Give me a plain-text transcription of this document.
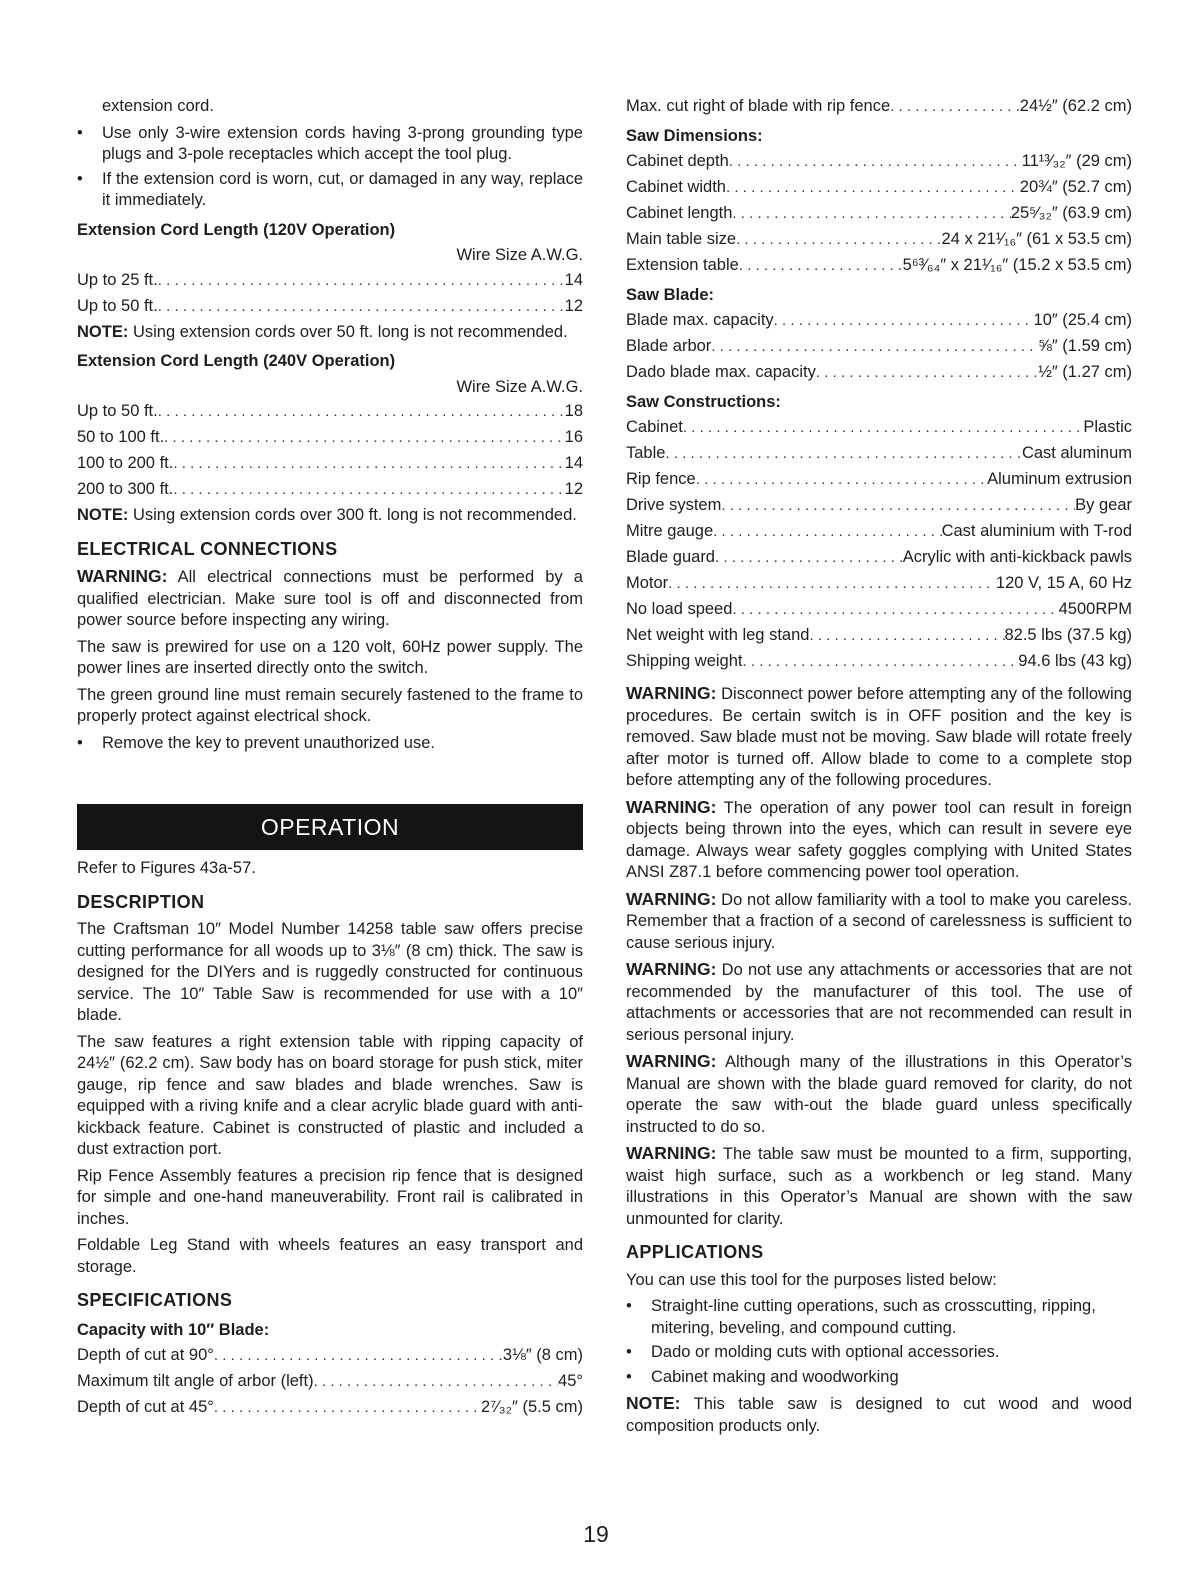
extension cord.

• Use only 3-wire extension cords having 3-prong grounding type plugs and 3-pole receptacles which accept the tool plug.
• If the extension cord is worn, cut, or damaged in any way, replace it immediately.
Extension Cord Length (120V Operation)
Wire Size A.W.G.
Up to 25 ft. .....	14
Up to 50 ft. .....	12

NOTE: Using extension cords over 50 ft. long is not recommended.

Extension Cord Length (240V Operation)
Wire Size A.W.G.
Up to 50 ft. .....	18
50 to 100 ft. .....	16
100 to 200 ft. .....	14
200 to 300 ft. .....	12

NOTE: Using extension cords over 300 ft. long is not recommended.

ELECTRICAL CONNECTIONS

WARNING: All electrical connections must be performed by a qualified electrician. Make sure tool is off and disconnected from power source before inspecting any wiring.

The saw is prewired for use on a 120 volt, 60Hz power supply. The power lines are inserted directly onto the switch.

The green ground line must remain securely fastened to the frame to properly protect against electrical shock.

• Remove the key to prevent unauthorized use.
OPERATION

Refer to Figures 43a-57.

DESCRIPTION

The Craftsman 10″ Model Number 14258 table saw offers precise cutting performance for all woods up to 3⅛″ (8 cm) thick. The saw is designed for the DIYers and is ruggedly constructed for continuous service. The 10″ Table Saw is recommended for use with a 10″ blade.

The saw features a right extension table with ripping capacity of 24½″ (62.2 cm). Saw body has on board storage for push stick, miter gauge, rip fence and saw blades and blade wrenches. Saw is equipped with a riving knife and a clear acrylic blade guard with anti-kickback feature. Cabinet is constructed of plastic and included a dust extraction port.

Rip Fence Assembly features a precision rip fence that is designed for simple and one-hand maneuverability. Front rail is calibrated in inches.

Foldable Leg Stand with wheels features an easy transport and storage.

SPECIFICATIONS
Capacity with 10″ Blade:
Depth of cut at 90° .....	3⅛″ (8 cm)
Maximum tilt angle of arbor (left) .....	45°
Depth of cut at 45° .....	2⁷⁄₃₂″ (5.5 cm)
Max. cut right of blade with rip fence .....	24½″ (62.2 cm)
Saw Dimensions:
Cabinet depth .....	11¹³⁄₃₂″ (29 cm)
Cabinet width .....	20¾″ (52.7 cm)
Cabinet length .....	25⁵⁄₃₂″ (63.9 cm)
Main table size .....	24 x 21¹⁄₁₆″ (61 x 53.5 cm)
Extension table .....	5⁶³⁄₆₄″ x 21¹⁄₁₆″ (15.2 x 53.5 cm)
Saw Blade:
Blade max. capacity .....	10″ (25.4 cm)
Blade arbor .....	⅝″ (1.59 cm)
Dado blade max. capacity .....	½″ (1.27 cm)
Saw Constructions:
Cabinet .....	Plastic
Table .....	Cast aluminum
Rip fence .....	Aluminum extrusion
Drive system .....	By gear
Mitre gauge .....	Cast aluminium with T-rod
Blade guard .....	Acrylic with anti-kickback pawls
Motor .....	120 V, 15 A, 60 Hz
No load speed .....	4500RPM
Net weight with leg stand .....	82.5 lbs (37.5 kg)
Shipping weight .....	94.6 lbs (43 kg)

WARNING: Disconnect power before attempting any of the following procedures. Be certain switch is in OFF position and the key is removed. Saw blade must not be moving. Saw blade will rotate freely after motor is turned off. Allow blade to come to a complete stop before attempting any of the following procedures.

WARNING: The operation of any power tool can result in foreign objects being thrown into the eyes, which can result in severe eye damage. Always wear safety goggles complying with United States ANSI Z87.1 before commencing power tool operation.

WARNING: Do not allow familiarity with a tool to make you careless. Remember that a fraction of a second of carelessness is sufficient to cause serious injury.

WARNING: Do not use any attachments or accessories that are not recommended by the manufacturer of this tool. The use of attachments or accessories that are not recommended can result in serious personal injury.

WARNING: Although many of the illustrations in this Operator’s Manual are shown with the blade guard removed for clarity, do not operate the saw with-out the blade guard unless specifically instructed to do so.

WARNING: The table saw must be mounted to a firm, supporting, waist high surface, such as a workbench or leg stand. Many illustrations in this Operator’s Manual are shown with the saw unmounted for clarity.

APPLICATIONS

You can use this tool for the purposes listed below:

• Straight-line cutting operations, such as crosscutting, ripping, mitering, beveling, and compound cutting.
• Dado or molding cuts with optional accessories.
• Cabinet making and woodworking

NOTE: This table saw is designed to cut wood and wood composition products only.

19
